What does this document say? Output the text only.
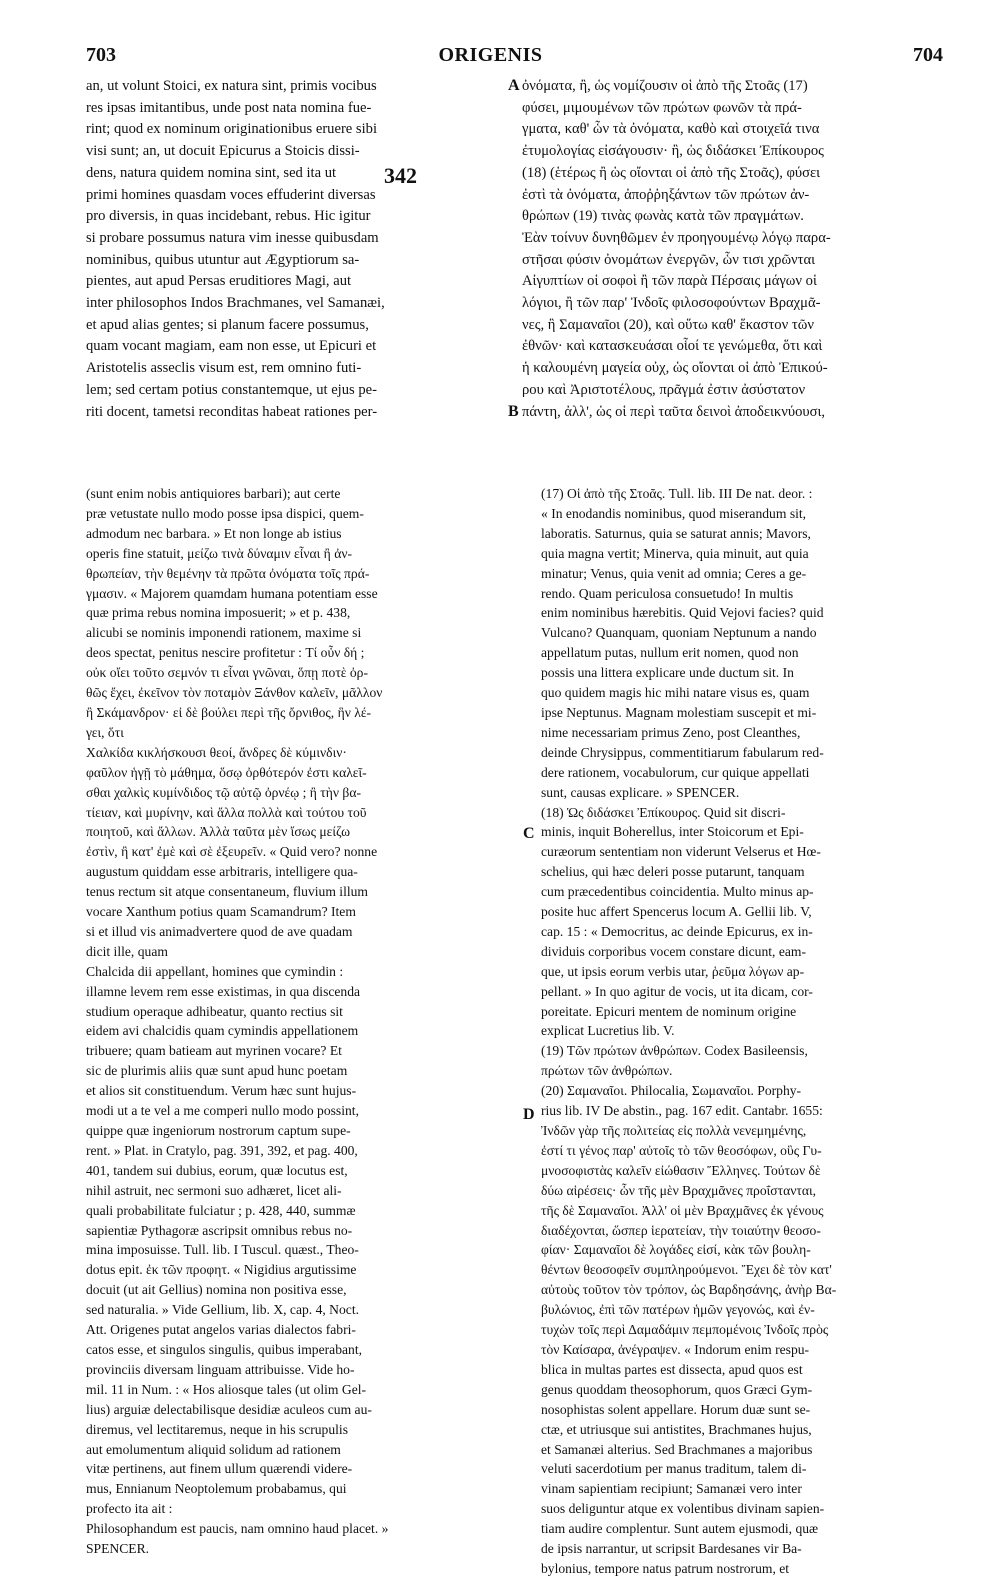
703	ORIGENIS	704
A
B
C
D
342
an, ut volunt Stoici, ex natura sint, primis vocibus
res ipsas imitantibus, unde post nata nomina fue-
rint; quod ex nominum originationibus eruere sibi
visi sunt; an, ut docuit Epicurus a Stoicis dissi-
dens, natura quidem nomina sint, sed ita ut
primi homines quasdam voces effuderint diversas
pro diversis, in quas incidebant, rebus. Hic igitur
si probare possumus natura vim inesse quibusdam
nominibus, quibus utuntur aut Ægyptiorum sa-
pientes, aut apud Persas eruditiores Magi, aut
inter philosophos Indos Brachmanes, vel Samanæi,
et apud alias gentes; si planum facere possumus,
quam vocant magiam, eam non esse, ut Epicuri et
Aristotelis asseclis visum est, rem omnino futi-
lem; sed certam potius constantemque, ut ejus pe-
riti docent, tametsi reconditas habeat rationes per-
ὀνόματα, ἢ, ὡς νομίζουσιν οἱ ἀπὸ τῆς Στοᾶς (17)
φύσει, μιμουμένων τῶν πρώτων φωνῶν τὰ πρά-
γματα, καθ' ὧν τὰ ὀνόματα, καθὸ καὶ στοιχεῖά τινα
ἐτυμολογίας εἰσάγουσιν· ἢ, ὡς διδάσκει Ἐπίκουρος
(18) (ἑτέρως ἢ ὡς οἴονται οἱ ἀπὸ τῆς Στοᾶς), φύσει
ἐστὶ τὰ ὀνόματα, ἀποῤῥηξάντων τῶν πρώτων ἀν-
θρώπων (19) τινὰς φωνὰς κατὰ τῶν πραγμάτων.
Ἐὰν τοίνυν δυνηθῶμεν ἐν προηγουμένῳ λόγῳ παρα-
στῆσαι φύσιν ὀνομάτων ἐνεργῶν, ὧν τισι χρῶνται
Αἰγυπτίων οἱ σοφοὶ ἢ τῶν παρὰ Πέρσαις μάγων οἱ
λόγιοι, ἢ τῶν παρ' Ἰνδοῖς φιλοσοφούντων Βραχμᾶ-
νες, ἢ Σαμαναῖοι (20), καὶ οὕτω καθ' ἕκαστον τῶν
ἐθνῶν· καὶ κατασκευάσαι οἷοί τε γενώμεθα, ὅτι καὶ
ἡ καλουμένη μαγεία οὐχ, ὡς οἴονται οἱ ἀπὸ Ἐπικού-
ρου καὶ Ἀριστοτέλους, πρᾶγμά ἐστιν ἀσύστατον
πάντη, ἀλλ', ὡς οἱ περὶ ταῦτα δεινοὶ ἀποδεικνύουσι,
(sunt enim nobis antiquiores barbari); aut certe
præ vetustate nullo modo posse ipsa dispici, quem-
admodum nec barbara. » Et non longe ab istius
operis fine statuit, μείζω τινὰ δύναμιν εἶναι ἢ ἀν-
θρωπείαν, τὴν θεμένην τὰ πρῶτα ὀνόματα τοῖς πρά-
γμασιν. « Majorem quamdam humana potentiam esse
quæ prima rebus nomina imposuerit; » et p. 438,
alicubi se nominis imponendi rationem, maxime si
deos spectat, penitus nescire profitetur : Τί οὖν δή ;
οὐκ οἴει τοῦτο σεμνόν τι εἶναι γνῶναι, ὅπῃ ποτὲ ὀρ-
θῶς ἔχει, ἐκεῖνον τὸν ποταμὸν Ξάνθον καλεῖν, μᾶλλον
ἢ Σκάμανδρον· εἰ δὲ βούλει περὶ τῆς ὄρνιθος, ἣν λέ-
γει, ὅτι
Χαλκίδα κικλήσκουσι θεοί, ἄνδρες δὲ κύμινδιν·
φαῦλον ἡγῇ τὸ μάθημα, ὅσῳ ὀρθότερόν ἐστι καλεῖ-
σθαι χαλκὶς κυμίνδιδος τῷ αὐτῷ ὀρνέῳ ; ἢ τὴν βα-
τίειαν, καὶ μυρίνην, καὶ ἄλλα πολλὰ καὶ τούτου τοῦ
ποιητοῦ, καὶ ἄλλων. Ἀλλὰ ταῦτα μὲν ἴσως μείζω
ἐστὶν, ἢ κατ' ἐμὲ καὶ σὲ ἐξευρεῖν. « Quid vero? nonne
augustum quiddam esse arbitraris, intelligere qua-
tenus rectum sit atque consentaneum, fluvium illum
vocare Xanthum potius quam Scamandrum? Item
si et illud vis animadvertere quod de ave quadam
dicit ille, quam
Chalcida dii appellant, homines que cymindin :
illamne levem rem esse existimas, in qua discenda
studium operaque adhibeatur, quanto rectius sit
eidem avi chalcidis quam cymindis appellationem
tribuere; quam batieam aut myrinen vocare? Et
sic de plurimis aliis quæ sunt apud hunc poetam
et alios sit constituendum. Verum hæc sunt hujus-
modi ut a te vel a me comperi nullo modo possint,
quippe quæ ingeniorum nostrorum captum supe-
rent. » Plat. in Cratylo, pag. 391, 392, et pag. 400,
401, tandem sui dubius, eorum, quæ locutus est,
nihil astruit, nec sermoni suo adhæret, licet ali-
quali probabilitate fulciatur ; p. 428, 440, summæ
sapientiæ Pythagoræ ascripsit omnibus rebus no-
mina imposuisse. Tull. lib. I Tuscul. quæst., Theo-
dotus epit. ἐκ τῶν προφητ. « Nigidius argutissime
docuit (ut ait Gellius) nomina non positiva esse,
sed naturalia. » Vide Gellium, lib. X, cap. 4, Noct.
Att. Origenes putat angelos varias dialectos fabri-
catos esse, et singulos singulis, quibus imperabant,
provinciis diversam linguam attribuisse. Vide ho-
mil. 11 in Num. : « Hos aliosque tales (ut olim Gel-
lius) arguiæ delectabilisque desidiæ aculeos cum au-
diremus, vel lectitaremus, neque in his scrupulis
aut emolumentum aliquid solidum ad rationem
vitæ pertinens, aut finem ullum quærendi videre-
mus, Ennianum Neoptolemum probabamus, qui
profecto ita ait :
Philosophandum est paucis, nam omnino haud placet. »
SPENCER.
(17) Οἱ ἀπὸ τῆς Στοᾶς. Tull. lib. III De nat. deor. :
« In enodandis nominibus, quod miserandum sit,
laboratis. Saturnus, quia se saturat annis; Mavors,
quia magna vertit; Minerva, quia minuit, aut quia
minatur; Venus, quia venit ad omnia; Ceres a ge-
rendo. Quam periculosa consuetudo! In multis
enim nominibus hærebitis. Quid Vejovi facies? quid
Vulcano? Quanquam, quoniam Neptunum a nando
appellatum putas, nullum erit nomen, quod non
possis una littera explicare unde ductum sit. In
quo quidem magis hic mihi natare visus es, quam
ipse Neptunus. Magnam molestiam suscepit et mi-
nime necessariam primus Zeno, post Cleanthes,
deinde Chrysippus, commentitiarum fabularum red-
dere rationem, vocabulorum, cur quique appellati
sunt, causas explicare. » SPENCER.
(18) Ὡς διδάσκει Ἐπίκουρος. Quid sit discri-
minis, inquit Boherellus, inter Stoicorum et Epi-
curæorum sententiam non viderunt Velserus et Hœ-
schelius, qui hæc deleri posse putarunt, tanquam
cum præcedentibus coincidentia. Multo minus ap-
posite huc affert Spencerus locum A. Gellii lib. V,
cap. 15 : « Democritus, ac deinde Epicurus, ex in-
dividuis corporibus vocem constare dicunt, eam-
que, ut ipsis eorum verbis utar, ῥεῦμα λόγων ap-
pellant. » In quo agitur de vocis, ut ita dicam, cor-
poreitate. Epicuri mentem de nominum origine
explicat Lucretius lib. V.
(19) Τῶν πρώτων ἀνθρώπων. Codex Basileensis,
πρώτων τῶν ἀνθρώπων.
(20) Σαμαναῖοι. Philocalia, Σωμαναῖοι. Porphy-
rius lib. IV De abstin., pag. 167 edit. Cantabr. 1655:
Ἰνδῶν γὰρ τῆς πολιτείας εἰς πολλὰ νενεμημένης,
ἐστί τι γένος παρ' αὐτοῖς τὸ τῶν θεοσόφων, οὓς Γυ-
μνοσοφιστὰς καλεῖν εἰώθασιν Ἕλληνες. Τούτων δὲ
δύω αἱρέσεις· ὧν τῆς μὲν Βραχμᾶνες προΐστανται,
τῆς δὲ Σαμαναῖοι. Ἀλλ' οἱ μὲν Βραχμᾶνες ἐκ γένους
διαδέχονται, ὥσπερ ἱερατείαν, τὴν τοιαύτην θεοσο-
φίαν· Σαμαναῖοι δὲ λογάδες εἰσί, κὰκ τῶν βουλη-
θέντων θεοσοφεῖν συμπληρούμενοι. Ἔχει δὲ τὸν κατ'
αὐτοὺς τοῦτον τὸν τρόπον, ὡς Βαρδησάνης, ἀνὴρ Βα-
βυλώνιος, ἐπὶ τῶν πατέρων ἡμῶν γεγονώς, καὶ ἐν-
τυχὼν τοῖς περὶ Δαμαδάμιν πεμπομένοις Ἰνδοῖς πρὸς
τὸν Καίσαρα, ἀνέγραψεν. « Indorum enim respu-
blica in multas partes est dissecta, apud quos est
genus quoddam theosophorum, quos Græci Gym-
nosophistas solent appellare. Horum duæ sunt se-
ctæ, et utriusque sui antistites, Brachmanes hujus,
et Samanæi alterius. Sed Brachmanes a majoribus
veluti sacerdotium per manus traditum, talem di-
vinam sapientiam recipiunt; Samanæi vero inter
suos deliguntur atque ex volentibus divinam sapien-
tiam audire complentur. Sunt autem ejusmodi, quæ
de ipsis narrantur, ut scripsit Bardesanes vir Ba-
bylonius, tempore natus patrum nostrorum, et
